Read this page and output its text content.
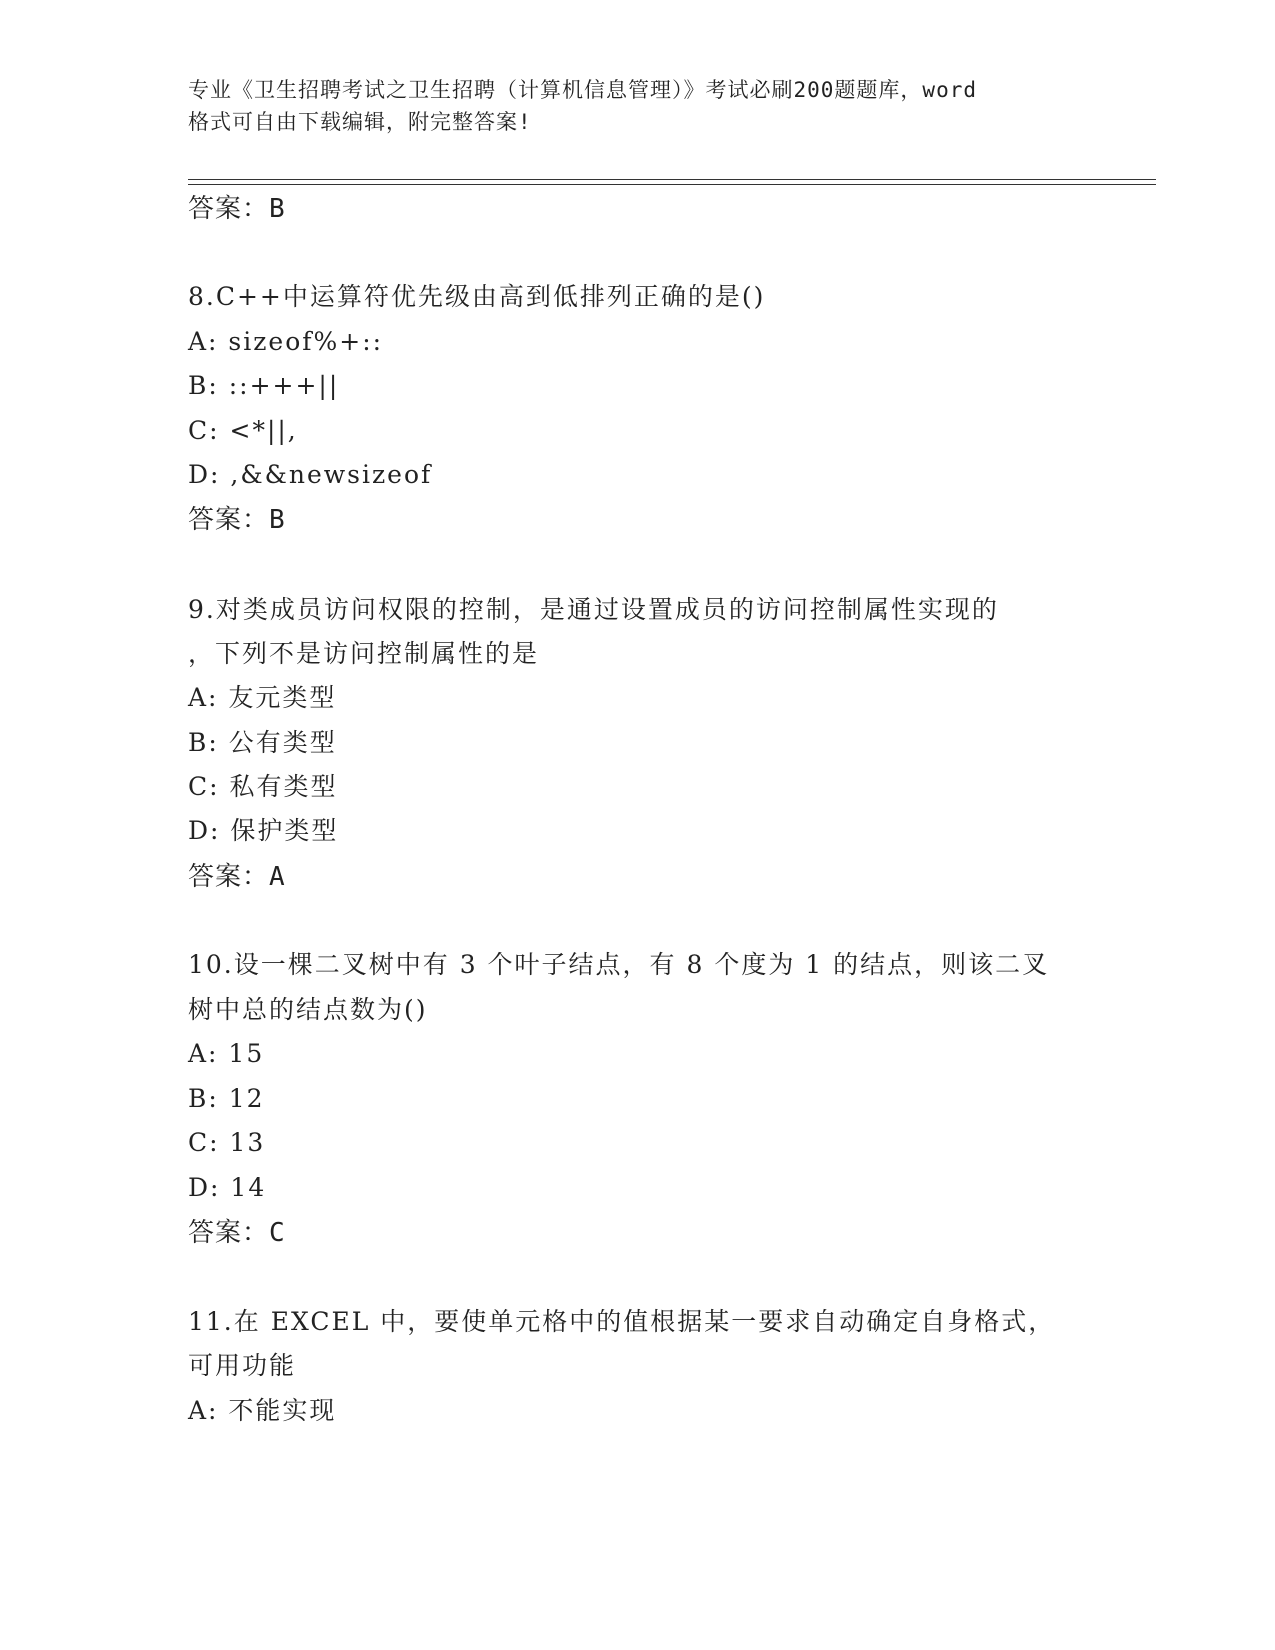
专业《卫生招聘考试之卫生招聘（计算机信息管理）》考试必刷200题题库，word
格式可自由下载编辑，附完整答案!
答案：B
8.C++中运算符优先级由高到低排列正确的是()
A: sizeof%+::
B: ::+++||
C: <*||,
D: ,&&newsizeof
答案：B
9.对类成员访问权限的控制，是通过设置成员的访问控制属性实现的
，下列不是访问控制属性的是
A: 友元类型
B: 公有类型
C: 私有类型
D: 保护类型
答案：A
10.设一棵二叉树中有 3 个叶子结点，有 8 个度为 1 的结点，则该二叉
树中总的结点数为()
A: 15
B: 12
C: 13
D: 14
答案：C
11.在 EXCEL 中，要使单元格中的值根据某一要求自动确定自身格式，
可用功能
A: 不能实现
